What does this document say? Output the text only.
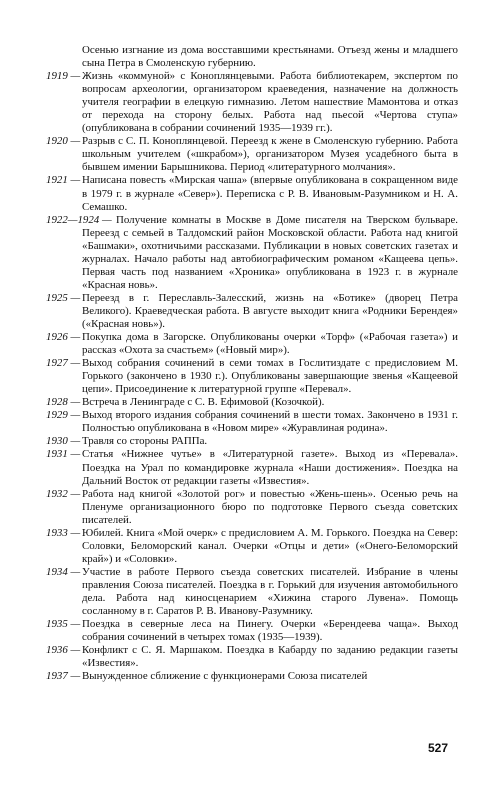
Осенью изгнание из дома восставшими крестьянами. Отъезд жены и младшего сына Петра в Смоленскую губернию.

1919 — Жизнь «коммуной» с Коноплянцевыми. Работа библиотекарем, экспертом по вопросам археологии, организатором краеведения, назначение на должность учителя географии в елецкую гимназию. Летом нашествие Мамонтова и отказ от перехода на сторону белых. Работа над пьесой «Чертова ступа» (опубликована в собрании сочинений 1935—1939 гг.).

1920 — Разрыв с С. П. Коноплянцевой. Переезд к жене в Смоленскую губернию. Работа школьным учителем («шкрабом»), организатором Музея усадебного быта в бывшем имении Барышникова. Период «литературного молчания».

1921 — Написана повесть «Мирская чаша» (впервые опубликована в сокращенном виде в 1979 г. в журнале «Север»). Переписка с Р. В. Ивановым-Разумником и Н. А. Семашко.

1922—1924 — Получение комнаты в Москве в Доме писателя на Тверском бульваре. Переезд с семьей в Талдомский район Московской области. Работа над книгой «Башмаки», охотничьими рассказами. Публикации в новых советских газетах и журналах. Начало работы над автобиографическим романом «Кащеева цепь». Первая часть под названием «Хроника» опубликована в 1923 г. в журнале «Красная новь».

1925 — Переезд в г. Переславль-Залесский, жизнь на «Ботике» (дворец Петра Великого). Краеведческая работа. В августе выходит книга «Родники Берендея» («Красная новь»).

1926 — Покупка дома в Загорске. Опубликованы очерки «Торф» («Рабочая газета») и рассказ «Охота за счастьем» («Новый мир»).

1927 — Выход собрания сочинений в семи томах в Гослитиздате с предисловием М. Горького (закончено в 1930 г.). Опубликованы завершающие звенья «Кащеевой цепи». Присоединение к литературной группе «Перевал».

1928 — Встреча в Ленинграде с С. В. Ефимовой (Козочкой).

1929 — Выход второго издания собрания сочинений в шести томах. Закончено в 1931 г. Полностью опубликована в «Новом мире» «Журавлиная родина».

1930 — Травля со стороны РАППа.

1931 — Статья «Нижнее чутье» в «Литературной газете». Выход из «Перевала». Поездка на Урал по командировке журнала «Наши достижения». Поездка на Дальний Восток от редакции газеты «Известия».

1932 — Работа над книгой «Золотой рог» и повестью «Жень-шень». Осенью речь на Пленуме организационного бюро по подготовке Первого съезда советских писателей.

1933 — Юбилей. Книга «Мой очерк» с предисловием А. М. Горького. Поездка на Север: Соловки, Беломорский канал. Очерки «Отцы и дети» («Онего-Беломорский край») и «Соловки».

1934 — Участие в работе Первого съезда советских писателей. Избрание в члены правления Союза писателей. Поездка в г. Горький для изучения автомобильного дела. Работа над киносценарием «Хижина старого Лувена». Помощь сосланному в г. Саратов Р. В. Иванову-Разумнику.

1935 — Поездка в северные леса на Пинегу. Очерки «Берендеева чаща». Выход собрания сочинений в четырех томах (1935—1939).

1936 — Конфликт с С. Я. Маршаком. Поездка в Кабарду по заданию редакции газеты «Известия».

1937 — Вынужденное сближение с функционерами Союза писателей

527
